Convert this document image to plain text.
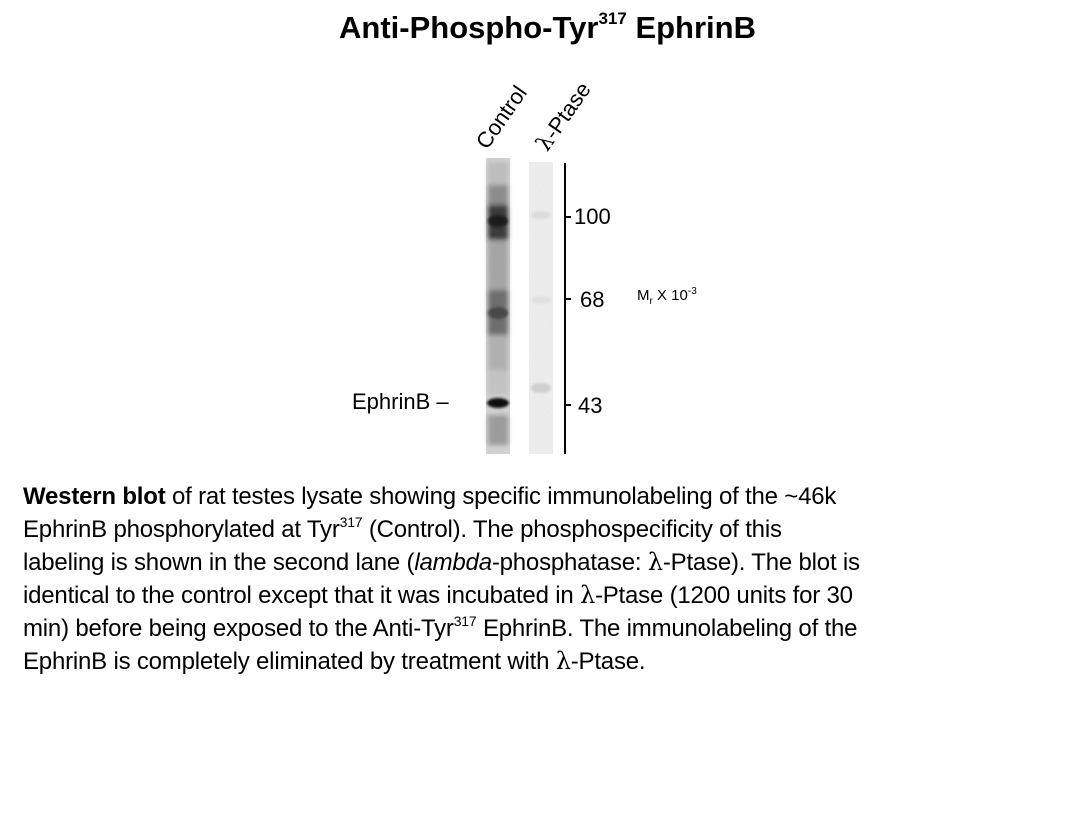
Anti-Phospho-Tyr$^{317}$ EphrinB
Control λ-Ptase
100
68
43
$M_r$ X $10^{-3}$
EphrinB –
Western blot of rat testes lysate showing specific immunolabeling of the ~46k
EphrinB phosphorylated at Tyr$^{317}$ (Control). The phosphospecificity of this
labeling is shown in the second lane (lambda-phosphatase: λ-Ptase). The blot is
identical to the control except that it was incubated in λ-Ptase (1200 units for 30
min) before being exposed to the Anti-Tyr$^{317}$ EphrinB. The immunolabeling of the
EphrinB is completely eliminated by treatment with λ-Ptase.
